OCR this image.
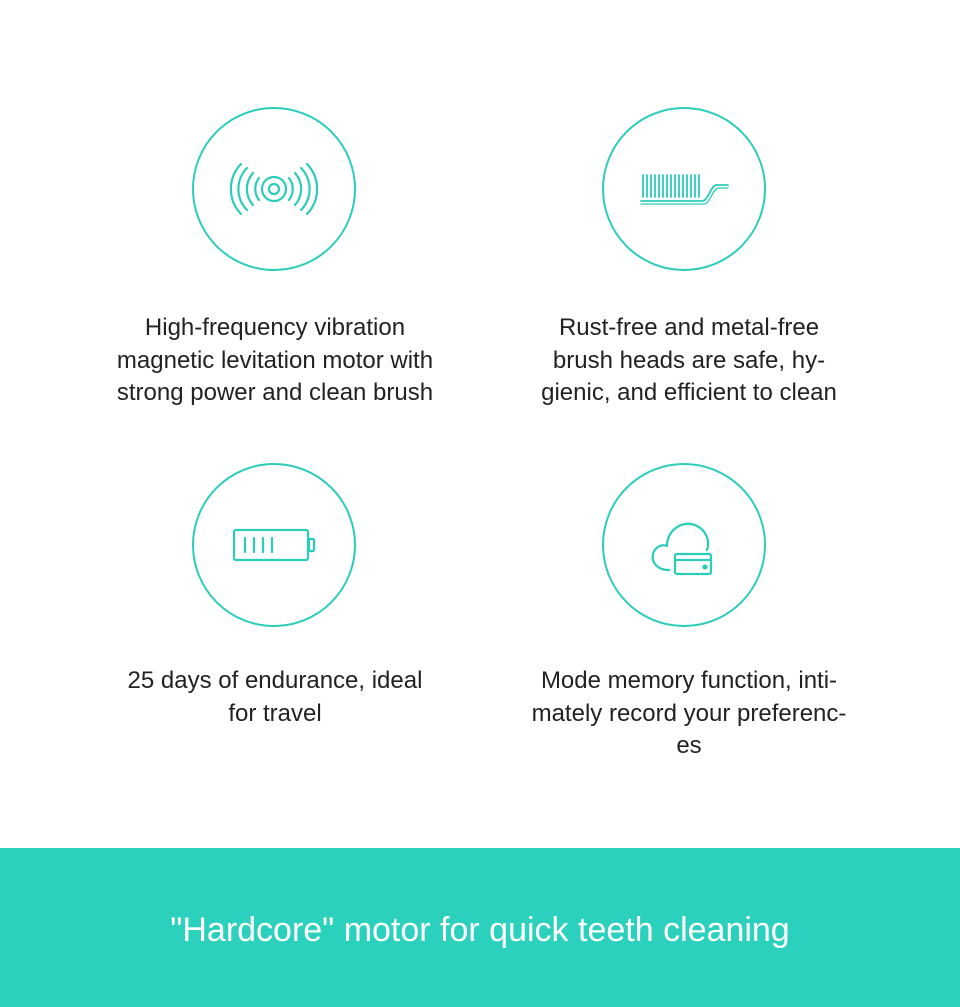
High-frequency vibration
magnetic levitation motor with
strong power and clean brush
Rust-free and metal-free
brush heads are safe, hy-
gienic, and efficient to clean
25 days of endurance, ideal
for travel
Mode memory function, inti-
mately record your preferenc-
es
"Hardcore" motor for quick teeth cleaning
